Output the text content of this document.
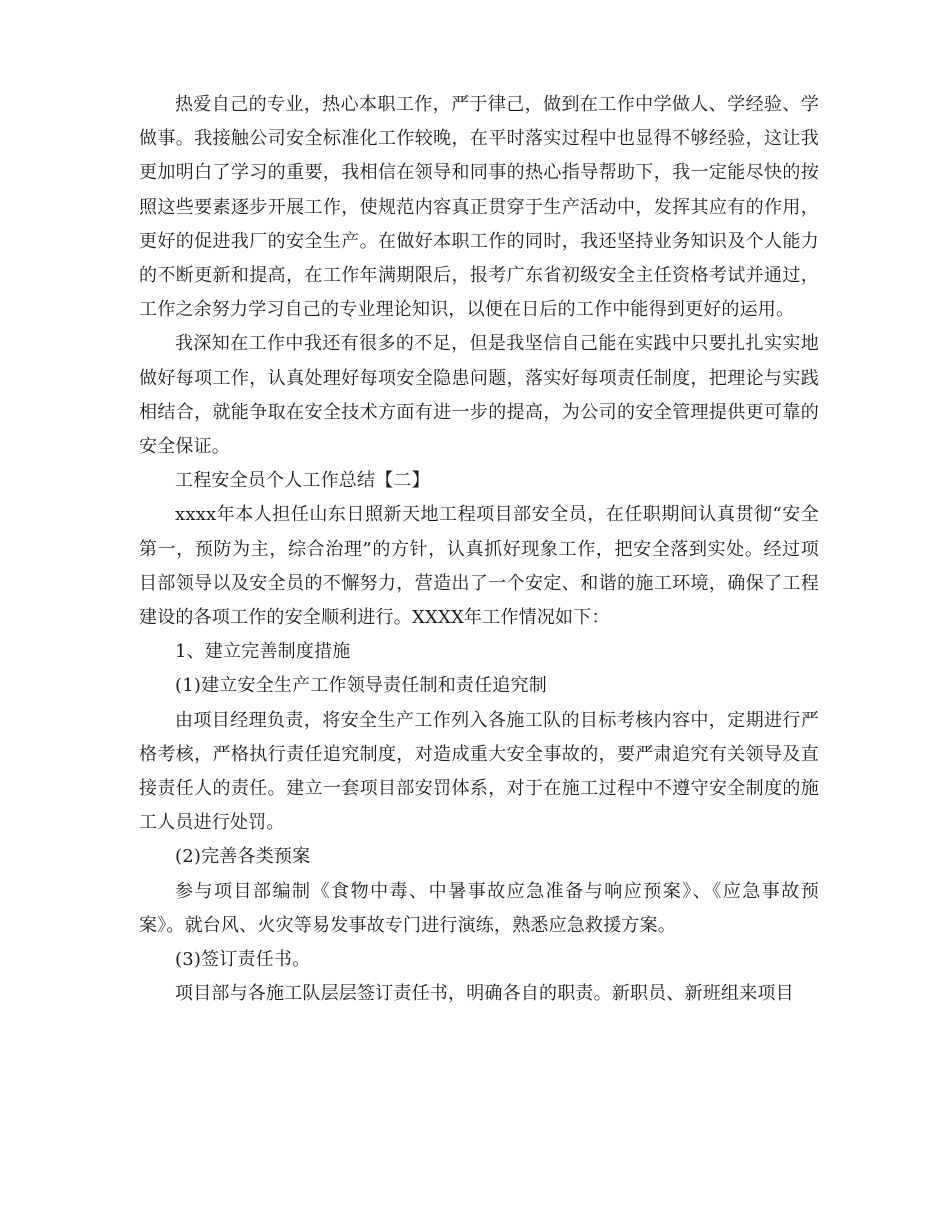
热爱自己的专业，热心本职工作，严于律己，做到在工作中学做人、学经验、学做事。我接触公司安全标准化工作较晚，在平时落实过程中也显得不够经验，这让我更加明白了学习的重要，我相信在领导和同事的热心指导帮助下，我一定能尽快的按照这些要素逐步开展工作，使规范内容真正贯穿于生产活动中，发挥其应有的作用，更好的促进我厂的安全生产。在做好本职工作的同时，我还坚持业务知识及个人能力的不断更新和提高，在工作年满期限后，报考广东省初级安全主任资格考试并通过，工作之余努力学习自己的专业理论知识，以便在日后的工作中能得到更好的运用。

我深知在工作中我还有很多的不足，但是我坚信自己能在实践中只要扎扎实实地做好每项工作，认真处理好每项安全隐患问题，落实好每项责任制度，把理论与实践相结合，就能争取在安全技术方面有进一步的提高，为公司的安全管理提供更可靠的安全保证。

工程安全员个人工作总结【二】

xxxx年本人担任山东日照新天地工程项目部安全员，在任职期间认真贯彻“安全第一，预防为主，综合治理”的方针，认真抓好现象工作，把安全落到实处。经过项目部领导以及安全员的不懈努力，营造出了一个安定、和谐的施工环境，确保了工程建设的各项工作的安全顺利进行。XXXX年工作情况如下：

1、建立完善制度措施

(1)建立安全生产工作领导责任制和责任追究制

由项目经理负责，将安全生产工作列入各施工队的目标考核内容中，定期进行严格考核，严格执行责任追究制度，对造成重大安全事故的，要严肃追究有关领导及直接责任人的责任。建立一套项目部安罚体系，对于在施工过程中不遵守安全制度的施工人员进行处罚。

(2)完善各类预案

参与项目部编制《食物中毒、中暑事故应急准备与响应预案》、《应急事故预案》。就台风、火灾等易发事故专门进行演练，熟悉应急救援方案。

(3)签订责任书。

项目部与各施工队层层签订责任书，明确各自的职责。新职员、新班组来项目
